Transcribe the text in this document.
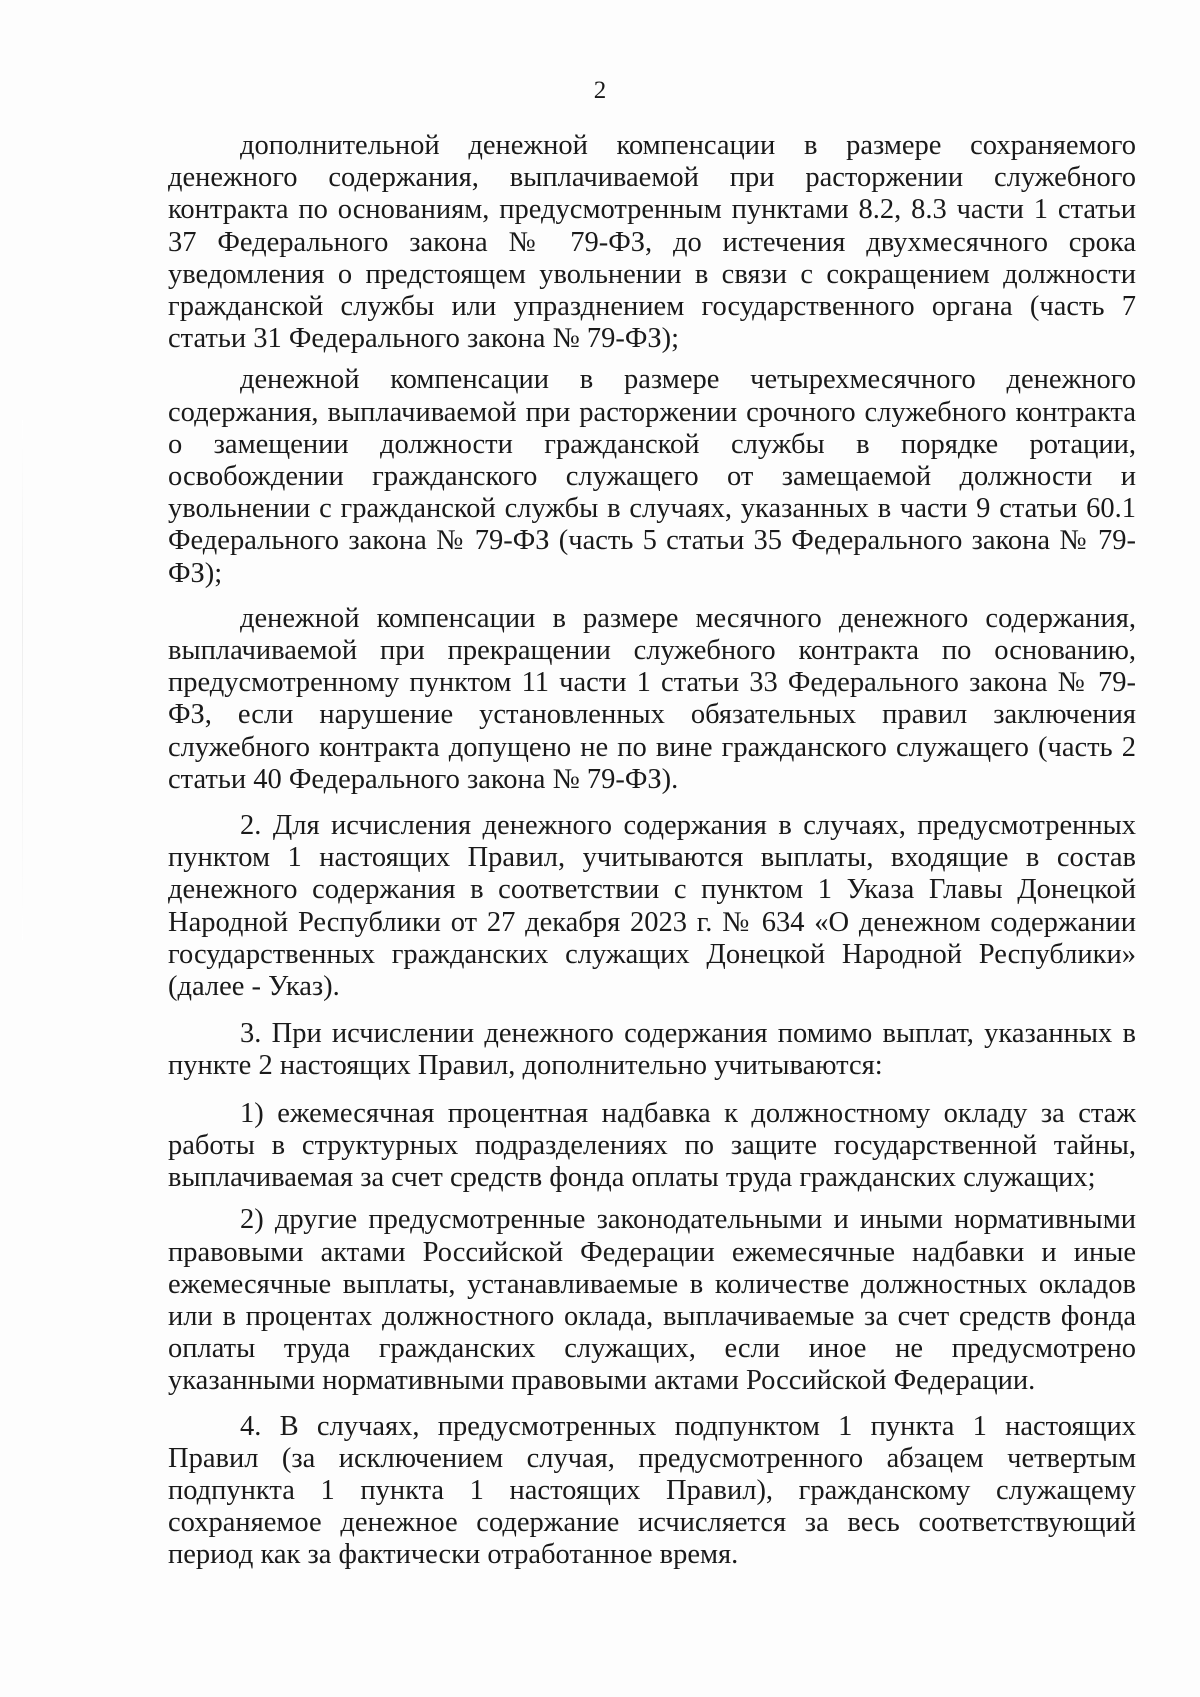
2

дополнительной денежной компенсации в размере сохраняемого денежного содержания, выплачиваемой при расторжении служебного контракта по основаниям, предусмотренным пунктами 8.2, 8.3 части 1 статьи 37 Федерального закона № 79-ФЗ, до истечения двухмесячного срока уведомления о предстоящем увольнении в связи с сокращением должности гражданской службы или упразднением государственного органа (часть 7 статьи 31 Федерального закона № 79-ФЗ);

денежной компенсации в размере четырехмесячного денежного содержания, выплачиваемой при расторжении срочного служебного контракта о замещении должности гражданской службы в порядке ротации, освобождении гражданского служащего от замещаемой должности и увольнении с гражданской службы в случаях, указанных в части 9 статьи 60.1 Федерального закона № 79-ФЗ (часть 5 статьи 35 Федерального закона № 79-ФЗ);

денежной компенсации в размере месячного денежного содержания, выплачиваемой при прекращении служебного контракта по основанию, предусмотренному пунктом 11 части 1 статьи 33 Федерального закона № 79-ФЗ, если нарушение установленных обязательных правил заключения служебного контракта допущено не по вине гражданского служащего (часть 2 статьи 40 Федерального закона № 79-ФЗ).

2. Для исчисления денежного содержания в случаях, предусмотренных пунктом 1 настоящих Правил, учитываются выплаты, входящие в состав денежного содержания в соответствии с пунктом 1 Указа Главы Донецкой Народной Республики от 27 декабря 2023 г. № 634 «О денежном содержании государственных гражданских служащих Донецкой Народной Республики» (далее - Указ).

3. При исчислении денежного содержания помимо выплат, указанных в пункте 2 настоящих Правил, дополнительно учитываются:

1) ежемесячная процентная надбавка к должностному окладу за стаж работы в структурных подразделениях по защите государственной тайны, выплачиваемая за счет средств фонда оплаты труда гражданских служащих;

2) другие предусмотренные законодательными и иными нормативными правовыми актами Российской Федерации ежемесячные надбавки и иные ежемесячные выплаты, устанавливаемые в количестве должностных окладов или в процентах должностного оклада, выплачиваемые за счет средств фонда оплаты труда гражданских служащих, если иное не предусмотрено указанными нормативными правовыми актами Российской Федерации.

4. В случаях, предусмотренных подпунктом 1 пункта 1 настоящих Правил (за исключением случая, предусмотренного абзацем четвертым подпункта 1 пункта 1 настоящих Правил), гражданскому служащему сохраняемое денежное содержание исчисляется за весь соответствующий период как за фактически отработанное время.
